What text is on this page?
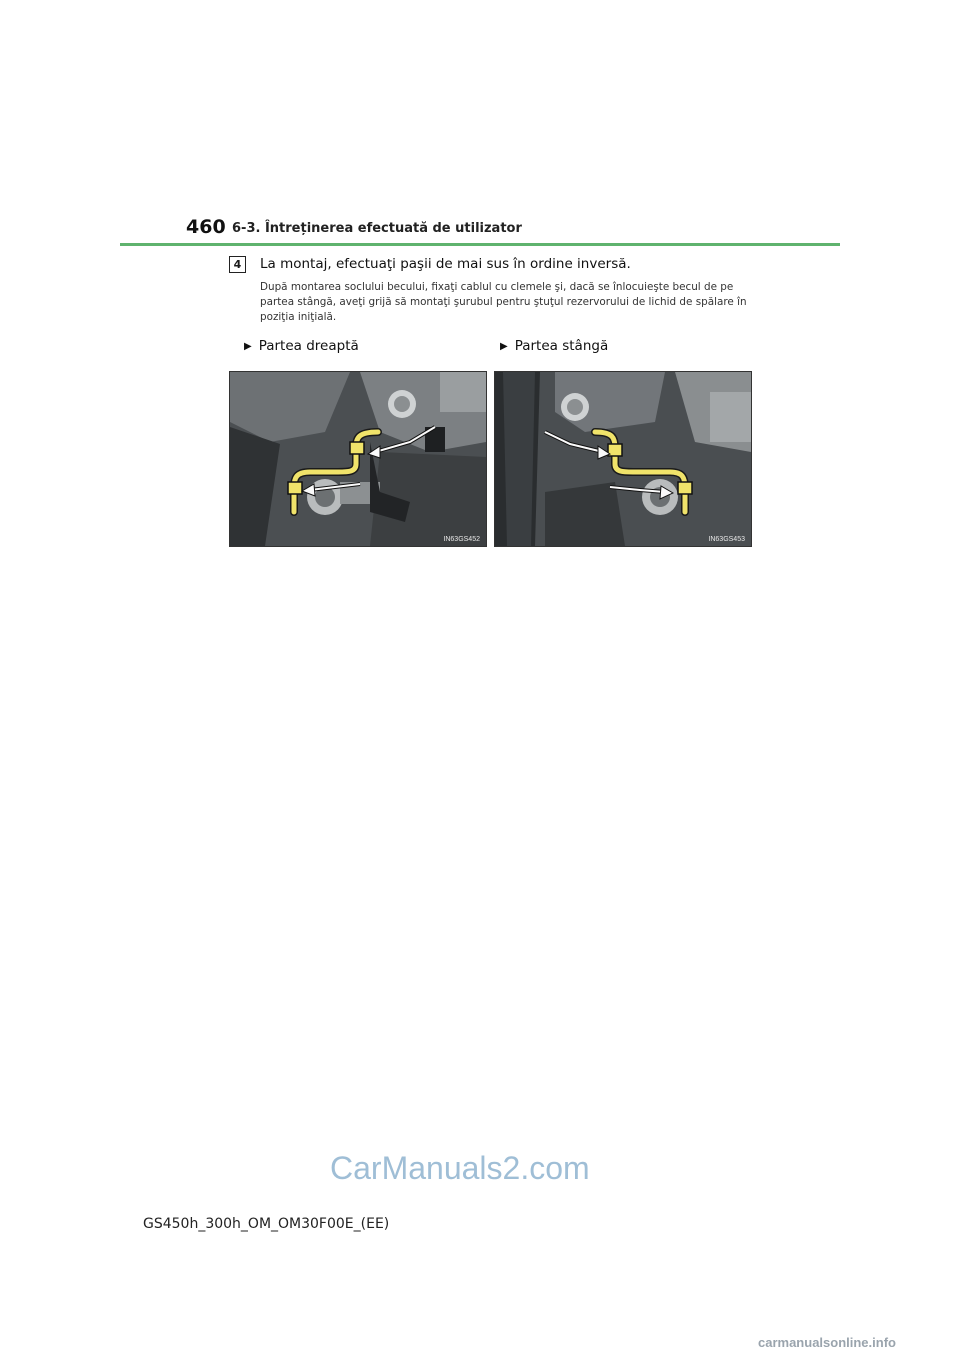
460 6-3. Întreținerea efectuată de utilizator
4	La montaj, efectuaţi paşii de mai sus în ordine inversă.
După montarea soclului becului, fixaţi cablul cu clemele şi, dacă se înlocuieşte becul de pe partea stângă, aveţi grijă să montaţi şurubul pentru ştuţul rezervorului de lichid de spălare în poziţia iniţială.
▶ Partea dreaptă	▶ Partea stângă
IN63GS452	IN63GS453
CarManuals2.com
GS450h_300h_OM_OM30F00E_(EE)
carmanualsonline.info
